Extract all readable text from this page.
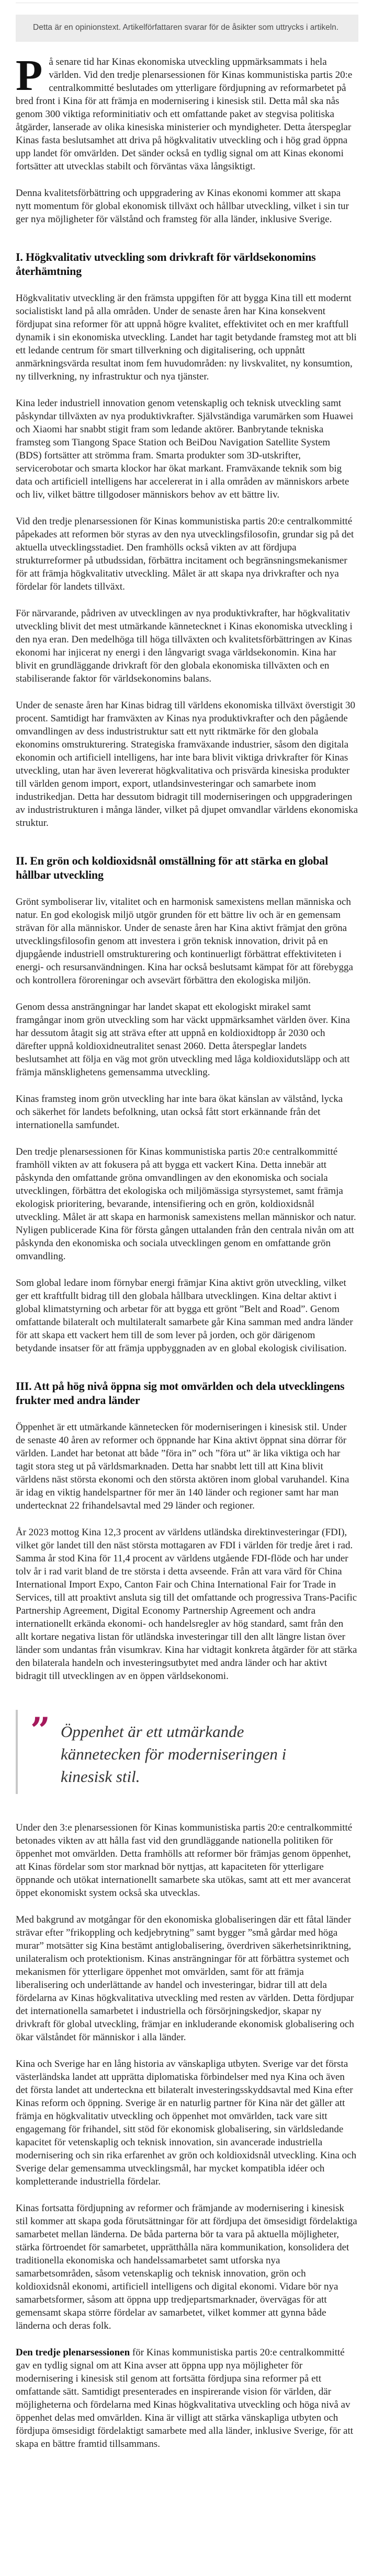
Detta är en opinionstext. Artikelförfattaren svarar för de åsikter som uttrycks i artikeln.

På senare tid har Kinas ekonomiska utveckling uppmärksammats i hela världen. Vid den tredje plenarsessionen för Kinas kommunistiska partis 20:e centralkommitté beslutades om ytterligare fördjupning av reformarbetet på bred front i Kina för att främja en modernisering i kinesisk stil. Detta mål ska nås genom 300 viktiga reforminitiativ och ett omfattande paket av stegvisa politiska åtgärder, lanserade av olika kinesiska ministerier och myndigheter. Detta återspeglar Kinas fasta beslutsamhet att driva på högkvalitativ utveckling och i hög grad öppna upp landet för omvärlden. Det sänder också en tydlig signal om att Kinas ekonomi fortsätter att utvecklas stabilt och förväntas växa långsiktigt.

Denna kvalitetsförbättring och uppgradering av Kinas ekonomi kommer att skapa nytt momentum för global ekonomisk tillväxt och hållbar utveckling, vilket i sin tur ger nya möjligheter för välstånd och framsteg för alla länder, inklusive Sverige.

I. Högkvalitativ utveckling som drivkraft för världsekonomins återhämtning

Högkvalitativ utveckling är den främsta uppgiften för att bygga Kina till ett modernt socialistiskt land på alla områden. Under de senaste åren har Kina konsekvent fördjupat sina reformer för att uppnå högre kvalitet, effektivitet och en mer kraftfull dynamik i sin ekonomiska utveckling. Landet har tagit betydande framsteg mot att bli ett ledande centrum för smart tillverkning och digitalisering, och uppnått anmärkningsvärda resultat inom fem huvudområden: ny livskvalitet, ny konsumtion, ny tillverkning, ny infrastruktur och nya tjänster.

Kina leder industriell innovation genom vetenskaplig och teknisk utveckling samt påskyndar tillväxten av nya produktivkrafter. Självständiga varumärken som Huawei och Xiaomi har snabbt stigit fram som ledande aktörer. Banbrytande tekniska framsteg som Tiangong Space Station och BeiDou Navigation Satellite System (BDS) fortsätter att strömma fram. Smarta produkter som 3D-utskrifter, servicerobotar och smarta klockor har ökat markant. Framväxande teknik som big data och artificiell intelligens har accelererat in i alla områden av människors arbete och liv, vilket bättre tillgodoser människors behov av ett bättre liv.

Vid den tredje plenarsessionen för Kinas kommunistiska partis 20:e centralkommitté påpekades att reformen bör styras av den nya utvecklingsfilosofin, grundar sig på det aktuella utvecklingsstadiet. Den framhölls också vikten av att fördjupa strukturreformer på utbudssidan, förbättra incitament och begränsningsmekanismer för att främja högkvalitativ utveckling. Målet är att skapa nya drivkrafter och nya fördelar för landets tillväxt.

För närvarande, pådriven av utvecklingen av nya produktivkrafter, har högkvalitativ utveckling blivit det mest utmärkande kännetecknet i Kinas ekonomiska utveckling i den nya eran. Den medelhöga till höga tillväxten och kvalitetsförbättringen av Kinas ekonomi har injicerat ny energi i den långvarigt svaga världsekonomin. Kina har blivit en grundläggande drivkraft för den globala ekonomiska tillväxten och en stabiliserande faktor för världsekonomins balans.

Under de senaste åren har Kinas bidrag till världens ekonomiska tillväxt överstigit 30 procent. Samtidigt har framväxten av Kinas nya produktivkrafter och den pågående omvandlingen av dess industristruktur satt ett nytt riktmärke för den globala ekonomins omstrukturering. Strategiska framväxande industrier, såsom den digitala ekonomin och artificiell intelligens, har inte bara blivit viktiga drivkrafter för Kinas utveckling, utan har även levererat högkvalitativa och prisvärda kinesiska produkter till världen genom import, export, utlandsinvesteringar och samarbete inom industrikedjan. Detta har dessutom bidragit till moderniseringen och uppgraderingen av industristrukturen i många länder, vilket på djupet omvandlar världens ekonomiska struktur.

II. En grön och koldioxidsnål omställning för att stärka en global hållbar utveckling

Grönt symboliserar liv, vitalitet och en harmonisk samexistens mellan människa och natur. En god ekologisk miljö utgör grunden för ett bättre liv och är en gemensam strävan för alla människor. Under de senaste åren har Kina aktivt främjat den gröna utvecklingsfilosofin genom att investera i grön teknisk innovation, drivit på en djupgående industriell omstrukturering och kontinuerligt förbättrat effektiviteten i energi- och resursanvändningen. Kina har också beslutsamt kämpat för att förebygga och kontrollera föroreningar och avsevärt förbättra den ekologiska miljön.

Genom dessa ansträngningar har landet skapat ett ekologiskt mirakel samt framgångar inom grön utveckling som har väckt uppmärksamhet världen över. Kina har dessutom åtagit sig att sträva efter att uppnå en koldioxidtopp år 2030 och därefter uppnå koldioxidneutralitet senast 2060. Detta återspeglar landets beslutsamhet att följa en väg mot grön utveckling med låga koldioxidutsläpp och att främja mänsklighetens gemensamma utveckling.

Kinas framsteg inom grön utveckling har inte bara ökat känslan av välstånd, lycka och säkerhet för landets befolkning, utan också fått stort erkännande från det internationella samfundet.

Den tredje plenarsessionen för Kinas kommunistiska partis 20:e centralkommitté framhöll vikten av att fokusera på att bygga ett vackert Kina. Detta innebär att påskynda den omfattande gröna omvandlingen av den ekonomiska och sociala utvecklingen, förbättra det ekologiska och miljömässiga styrsystemet, samt främja ekologisk prioritering, bevarande, intensifiering och en grön, koldioxidsnål utveckling. Målet är att skapa en harmonisk samexistens mellan människor och natur. Nyligen publicerade Kina för första gången uttalanden från den centrala nivån om att påskynda den ekonomiska och sociala utvecklingen genom en omfattande grön omvandling.

Som global ledare inom förnybar energi främjar Kina aktivt grön utveckling, vilket ger ett kraftfullt bidrag till den globala hållbara utvecklingen. Kina deltar aktivt i global klimatstyrning och arbetar för att bygga ett grönt ”Belt and Road”. Genom omfattande bilateralt och multilateralt samarbete går Kina samman med andra länder för att skapa ett vackert hem till de som lever på jorden, och gör därigenom betydande insatser för att främja uppbyggnaden av en global ekologisk civilisation.

III. Att på hög nivå öppna sig mot omvärlden och dela utvecklingens frukter med andra länder

Öppenhet är ett utmärkande kännetecken för moderniseringen i kinesisk stil. Under de senaste 40 åren av reformer och öppnande har Kina aktivt öppnat sina dörrar för världen. Landet har betonat att både ”föra in” och ”föra ut” är lika viktiga och har tagit stora steg ut på världsmarknaden. Detta har snabbt lett till att Kina blivit världens näst största ekonomi och den största aktören inom global varuhandel. Kina är idag en viktig handelspartner för mer än 140 länder och regioner samt har man undertecknat 22 frihandelsavtal med 29 länder och regioner.

År 2023 mottog Kina 12,3 procent av världens utländska direktinvesteringar (FDI), vilket gör landet till den näst största mottagaren av FDI i världen för tredje året i rad. Samma år stod Kina för 11,4 procent av världens utgående FDI-flöde och har under tolv år i rad varit bland de tre största i detta avseende. Från att vara värd för China International Import Expo, Canton Fair och China International Fair for Trade in Services, till att proaktivt ansluta sig till det omfattande och progressiva Trans-Pacific Partnership Agreement, Digital Economy Partnership Agreement och andra internationellt erkända ekonomi- och handelsregler av hög standard, samt från den allt kortare negativa listan för utländska investeringar till den allt längre listan över länder som undantas från visumkrav. Kina har vidtagit konkreta åtgärder för att stärka den bilaterala handeln och investeringsutbytet med andra länder och har aktivt bidragit till utvecklingen av en öppen världsekonomi.

” Öppenhet är ett utmärkande kännetecken för moderniseringen i kinesisk stil.

Under den 3:e plenarsessionen för Kinas kommunistiska partis 20:e centralkommitté betonades vikten av att hålla fast vid den grundläggande nationella politiken för öppenhet mot omvärlden. Detta framhölls att reformer bör främjas genom öppenhet, att Kinas fördelar som stor marknad bör nyttjas, att kapaciteten för ytterligare öppnande och utökat internationellt samarbete ska utökas, samt att ett mer avancerat öppet ekonomiskt system också ska utvecklas.

Med bakgrund av motgångar för den ekonomiska globaliseringen där ett fåtal länder strävar efter ”frikoppling och kedjebrytning” samt bygger ”små gårdar med höga murar” motsätter sig Kina bestämt antiglobalisering, överdriven säkerhetsinriktning, unilateralism och protektionism. Kinas ansträngningar för att förbättra systemet och mekanismen för ytterligare öppenhet mot omvärlden, samt för att främja liberalisering och underlättande av handel och investeringar, bidrar till att dela fördelarna av Kinas högkvalitativa utveckling med resten av världen. Detta fördjupar det internationella samarbetet i industriella och försörjningskedjor, skapar ny drivkraft för global utveckling, främjar en inkluderande ekonomisk globalisering och ökar välståndet för människor i alla länder.

Kina och Sverige har en lång historia av vänskapliga utbyten. Sverige var det första västerländska landet att upprätta diplomatiska förbindelser med nya Kina och även det första landet att underteckna ett bilateralt investeringsskyddsavtal med Kina efter Kinas reform och öppning. Sverige är en naturlig partner för Kina när det gäller att främja en högkvalitativ utveckling och öppenhet mot omvärlden, tack vare sitt engagemang för frihandel, sitt stöd för ekonomisk globalisering, sin världsledande kapacitet för vetenskaplig och teknisk innovation, sin avancerade industriella modernisering och sin rika erfarenhet av grön och koldioxidsnål utveckling. Kina och Sverige delar gemensamma utvecklingsmål, har mycket kompatibla idéer och kompletterande industriella fördelar.

Kinas fortsatta fördjupning av reformer och främjande av modernisering i kinesisk stil kommer att skapa goda förutsättningar för att fördjupa det ömsesidigt fördelaktiga samarbetet mellan länderna. De båda parterna bör ta vara på aktuella möjligheter, stärka förtroendet för samarbetet, upprätthålla nära kommunikation, konsolidera det traditionella ekonomiska och handelssamarbetet samt utforska nya samarbetsområden, såsom vetenskaplig och teknisk innovation, grön och koldioxidsnål ekonomi, artificiell intelligens och digital ekonomi. Vidare bör nya samarbetsformer, såsom att öppna upp tredjepartsmarknader, övervägas för att gemensamt skapa större fördelar av samarbetet, vilket kommer att gynna både länderna och deras folk.

Den tredje plenarsessionen för Kinas kommunistiska partis 20:e centralkommitté gav en tydlig signal om att Kina avser att öppna upp nya möjligheter för modernisering i kinesisk stil genom att fortsätta fördjupa sina reformer på ett omfattande sätt. Samtidigt presenterades en inspirerande vision för världen, där möjligheterna och fördelarna med Kinas högkvalitativa utveckling och höga nivå av öppenhet delas med omvärlden. Kina är villigt att stärka vänskapliga utbyten och fördjupa ömsesidigt fördelaktigt samarbete med alla länder, inklusive Sverige, för att skapa en bättre framtid tillsammans.
